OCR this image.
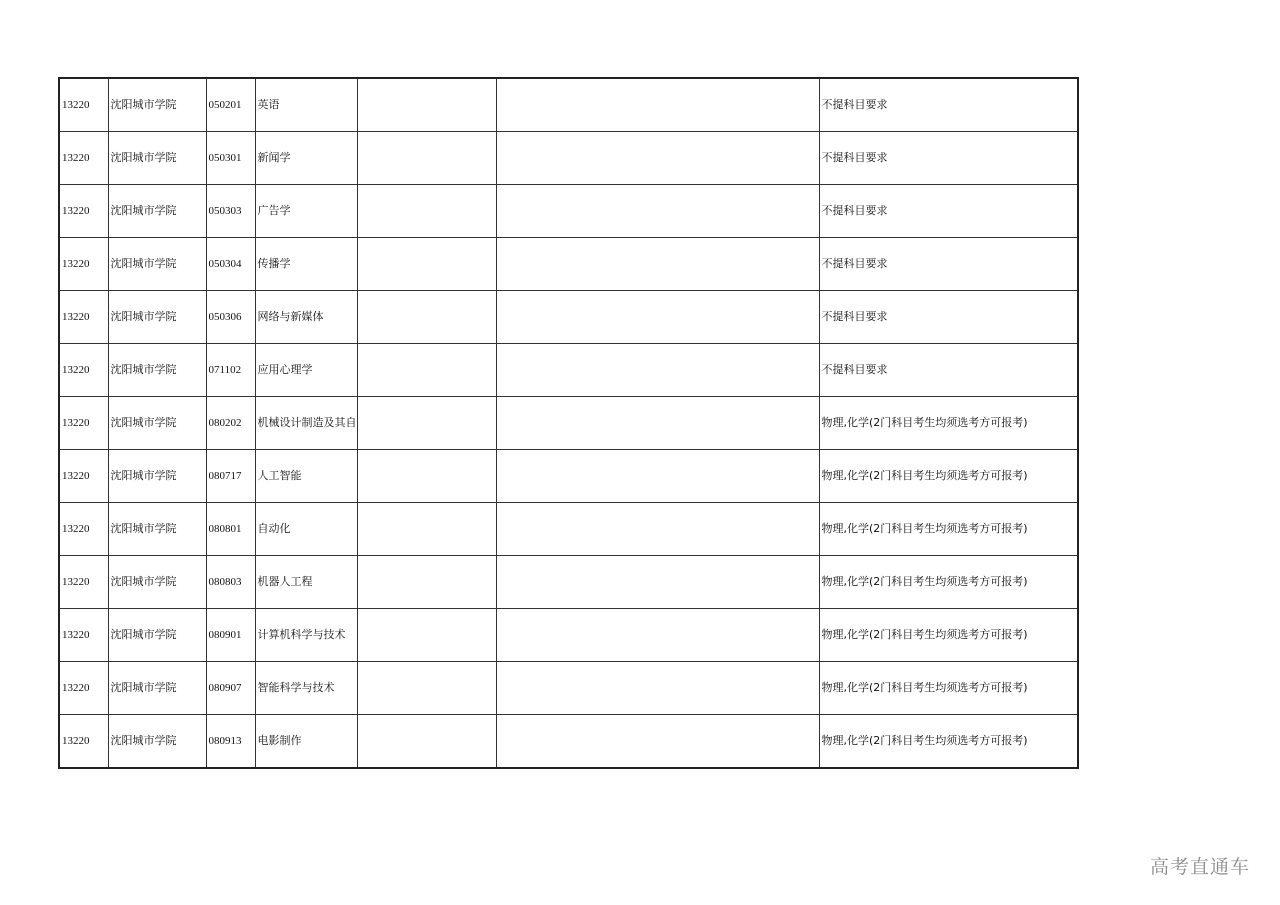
13220	沈阳城市学院	050201	英语			不提科目要求
13220	沈阳城市学院	050301	新闻学			不提科目要求
13220	沈阳城市学院	050303	广告学			不提科目要求
13220	沈阳城市学院	050304	传播学			不提科目要求
13220	沈阳城市学院	050306	网络与新媒体			不提科目要求
13220	沈阳城市学院	071102	应用心理学			不提科目要求
13220	沈阳城市学院	080202	机械设计制造及其自			物理,化学(2门科目考生均须选考方可报考)
13220	沈阳城市学院	080717	人工智能			物理,化学(2门科目考生均须选考方可报考)
13220	沈阳城市学院	080801	自动化			物理,化学(2门科目考生均须选考方可报考)
13220	沈阳城市学院	080803	机器人工程			物理,化学(2门科目考生均须选考方可报考)
13220	沈阳城市学院	080901	计算机科学与技术			物理,化学(2门科目考生均须选考方可报考)
13220	沈阳城市学院	080907	智能科学与技术			物理,化学(2门科目考生均须选考方可报考)
13220	沈阳城市学院	080913	电影制作			物理,化学(2门科目考生均须选考方可报考)
高考直通车
